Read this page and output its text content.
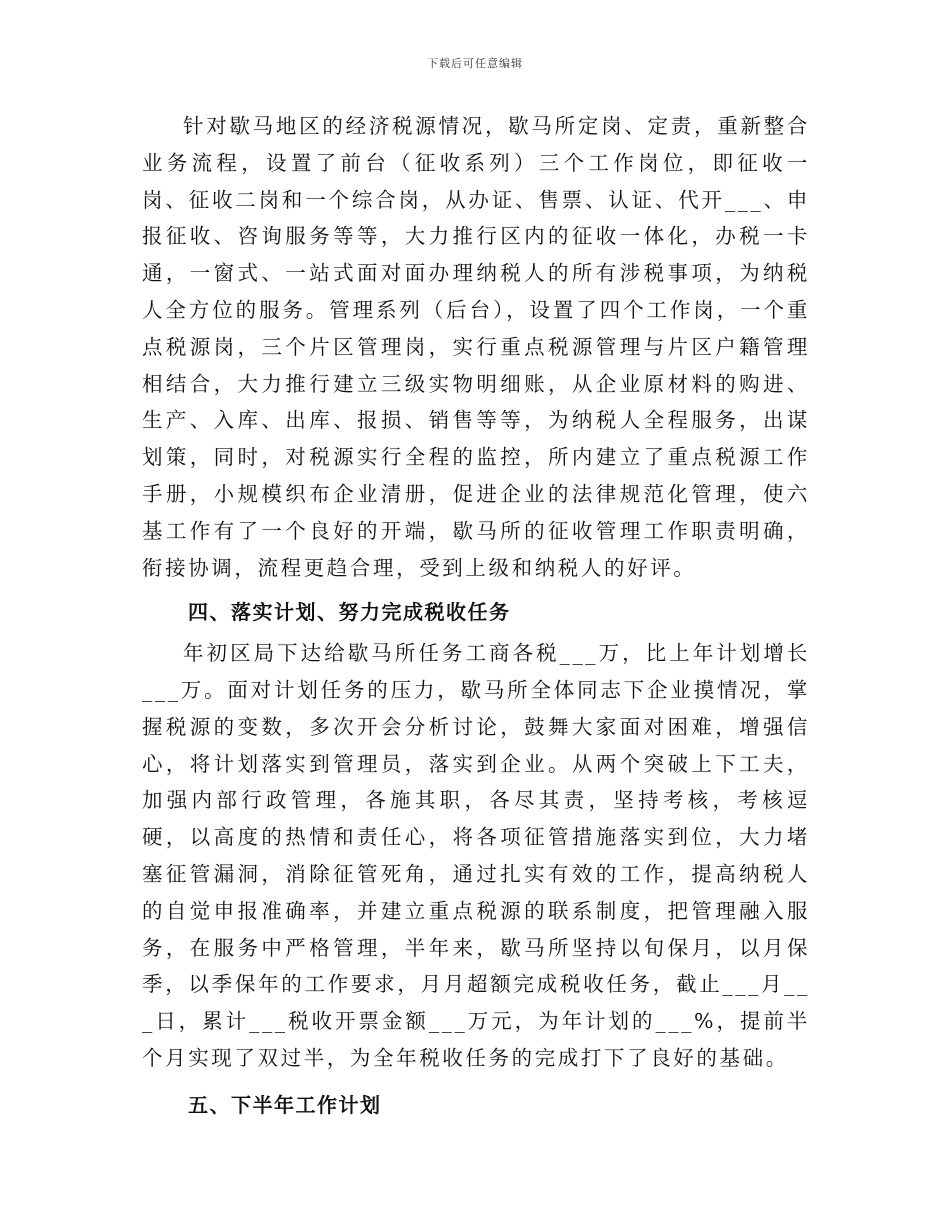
下载后可任意编辑

针对歇马地区的经济税源情况，歇马所定岗、定责，重新整合业务流程，设置了前台（征收系列）三个工作岗位，即征收一岗、征收二岗和一个综合岗，从办证、售票、认证、代开___、申报征收、咨询服务等等，大力推行区内的征收一体化，办税一卡通，一窗式、一站式面对面办理纳税人的所有涉税事项，为纳税人全方位的服务。管理系列（后台），设置了四个工作岗，一个重点税源岗，三个片区管理岗，实行重点税源管理与片区户籍管理相结合，大力推行建立三级实物明细账，从企业原材料的购进、生产、入库、出库、报损、销售等等，为纳税人全程服务，出谋划策，同时，对税源实行全程的监控，所内建立了重点税源工作手册，小规模织布企业清册，促进企业的法律规范化管理，使六基工作有了一个良好的开端，歇马所的征收管理工作职责明确，衔接协调，流程更趋合理，受到上级和纳税人的好评。

四、落实计划、努力完成税收任务

年初区局下达给歇马所任务工商各税___万，比上年计划增长___万。面对计划任务的压力，歇马所全体同志下企业摸情况，掌握税源的变数，多次开会分析讨论，鼓舞大家面对困难，增强信心，将计划落实到管理员，落实到企业。从两个突破上下工夫，加强内部行政管理，各施其职，各尽其责，坚持考核，考核逗硬，以高度的热情和责任心，将各项征管措施落实到位，大力堵塞征管漏洞，消除征管死角，通过扎实有效的工作，提高纳税人的自觉申报准确率，并建立重点税源的联系制度，把管理融入服务，在服务中严格管理，半年来，歇马所坚持以旬保月，以月保季，以季保年的工作要求，月月超额完成税收任务，截止___月___日，累计___税收开票金额___万元，为年计划的___%，提前半个月实现了双过半，为全年税收任务的完成打下了良好的基础。

五、下半年工作计划
